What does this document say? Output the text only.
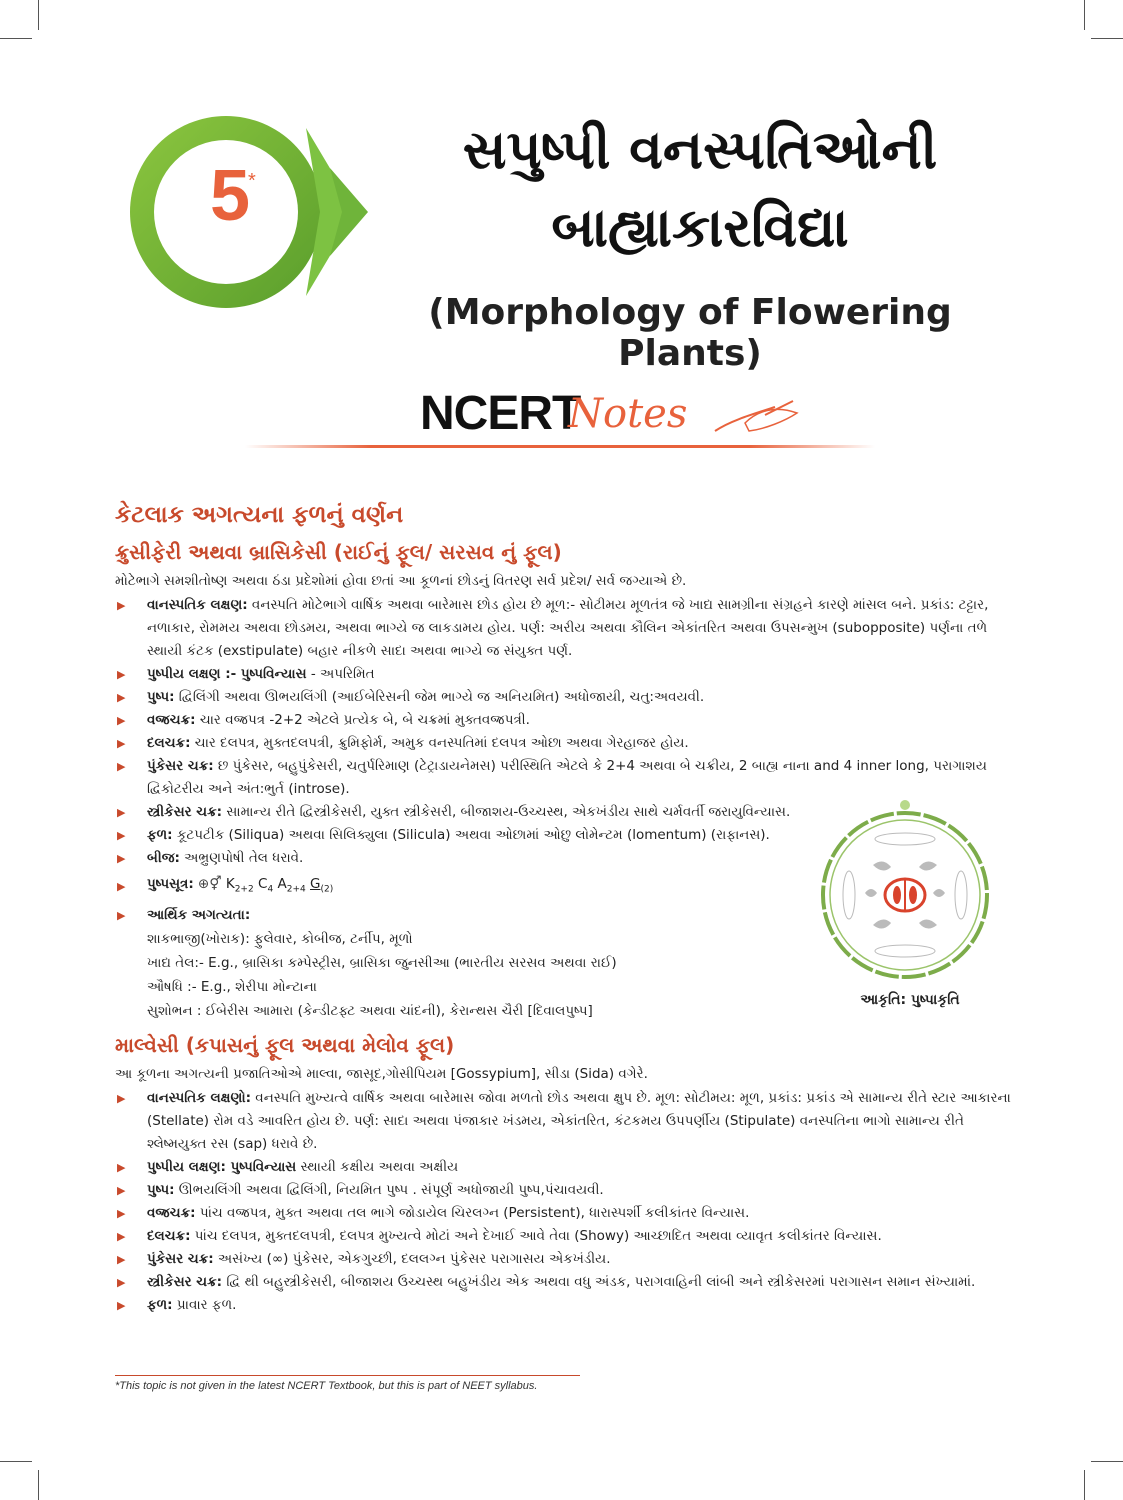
5
*	સપુષ્પી વનસ્પતિઓની
બાહ્યાકારવિદ્યા
(Morphology of Flowering Plants)
NCERT
Notes
કેટલાક અગત્યના ફળનું વર્ણન
ક્રુસીફેરી અથવા બ્રાસિકેસી (રાઈનું ફૂલ/ સરસવ નું ફૂલ)

મોટેભાગે સમશીતોષ્ણ અથવા ઠંડા પ્રદેશોમાં હોવા છતાં આ કૂળનાં છોડનું વિતરણ સર્વ પ્રદેશ/ સર્વ જગ્યાએ છે.

▶ વાનસ્પતિક લક્ષણ: વનસ્પતિ મોટેભાગે વાર્ષિક અથવા બારેમાસ છોડ હોય છે મૂળ:- સોટીમય મૂળતંત્ર જે ખાદ્ય સામગ્રીના સંગ્રહને કારણે માંસલ બને. પ્રકાંડ: ટટ્ટાર, નળાકાર, રોમમય અથવા છોડમય, અથવા ભાગ્યે જ લાકડામય હોય. પર્ણ: અરીય અથવા કૌલિન એકાંતરિત અથવા ઉપસન્મુખ (subopposite) પર્ણના તળે સ્થાયી કંટક (exstipulate) બહાર નીકળે સાદા અથવા ભાગ્યે જ સંયુક્ત પર્ણ.
▶ પુષ્પીય લક્ષણ :- પુષ્પવિન્યાસ - અપરિમિત
▶ પુષ્પ: દ્વિલિંગી અથવા ઊભયલિંગી (આઈબેરિસની જેમ ભાગ્યે જ અનિયમિત) અધોજાયી, ચતુ:અવયવી.
▶ વજ્રચક્ર: ચાર વજ્રપત્ર -2+2 એટલે પ્રત્યેક બે, બે ચક્રમાં મુક્તવજ્રપત્રી.
▶ દલચક્ર: ચાર દલપત્ર, મુક્તદલપત્રી, ક્રુમિફોર્મ, અમુક વનસ્પતિમાં દલપત્ર ઓછા અથવા ગેરહાજર હોય.
▶ પુંકેસર ચક્ર: છ પુંકેસર, બહુપુંકેસરી, ચતુર્પરિમાણ (ટેટ્રાડાયનેમસ) પરીસ્થિતિ એટલે કે 2+4 અથવા બે ચક્રીય, 2 બાહ્ય નાના and 4 inner long, પરાગાશય દ્વિકોટરીય અને અંત:ભુર્ત (introse).
▶ સ્ત્રીકેસર ચક્ર: સામાન્ય રીતે દ્વિસ્ત્રીકેસરી, યુક્ત સ્ત્રીકેસરી, બીજાશય-ઉચ્ચસ્થ, એકખંડીય સાથે ચર્મવર્તી જરાયુવિન્યાસ.
▶ ફળ: કૂટપટીક (Siliqua) અથવા સિલિક્યુલા (Silicula) અથવા ઓછામાં ઓછુ લોમેન્ટમ (lomentum) (રાફાનસ).
▶ બીજ: અભ્રુણપોષી તેલ ધરાવે.
▶ પુષ્પસૂત્ર: ⊕⚥ $K_{2+2}$ $C_4$ $A_{2+4}$ $G_{(2)}$
▶ આર્થિક અગત્યતા:
શાકભાજી(ખોરાક): ફુલેવાર, કોબીજ, ટર્નીપ, મૂળો
ખાદ્ય તેલ:- E.g., બ્રાસિકા કમ્પેસ્ટ્રીસ, બ્રાસિકા જુનસીઆ (ભારતીય સરસવ અથવા રાઈ)
ઔષધિ :- E.g., શેરીપા મોન્ટાના
સુશોભન : ઈબેરીસ આમારા (કેન્ડીટફ્ટ અથવા ચાંદની), કેરાન્થસ ચૈરી [દિવાલપુષ્પ]
માલ્વેસી (કપાસનું ફૂલ અથવા મેલોવ ફૂલ)

આ કૂળના અગત્યની પ્રજાતિઓએ માલ્વા, જાસૂદ,ગોસીપિયમ [Gossypium], સીડા (Sida) વગેરે.

▶ વાનસ્પતિક લક્ષણો: વનસ્પતિ મુખ્યત્વે વાર્ષિક અથવા બારેમાસ જોવા મળતો છોડ અથવા ક્ષુપ છે. મૂળ: સોટીમય: મૂળ, પ્રકાંડ: પ્રકાંડ એ સામાન્ય રીતે સ્ટાર આકારના (Stellate) રોમ વડે આવરિત હોય છે. પર્ણ: સાદા અથવા પંજાકાર ખંડમય, એકાંતરિત, કંટકમય ઉપપર્ણીય (Stipulate) વનસ્પતિના ભાગો સામાન્ય રીતે શ્લેષ્મયુક્ત રસ (sap) ધરાવે છે.
▶ પુષ્પીય લક્ષણ: પુષ્પવિન્યાસ સ્થાયી કક્ષીય અથવા અક્ષીય
▶ પુષ્પ: ઊભયલિંગી અથવા દ્વિલિંગી, નિયમિત પુષ્પ . સંપૂર્ણ અધોજાયી પુષ્પ,પંચાવયવી.
▶ વજ્રચક્ર: પાંચ વજ્રપત્ર, મુક્ત અથવા તલ ભાગે જોડાયેલ ચિરલગ્ન (Persistent), ધારાસ્પર્શી કલીકાંતર વિન્યાસ.
▶ દલચક્ર: પાંચ દલપત્ર, મુક્તદલપત્રી, દલપત્ર મુખ્યત્વે મોટાં અને દેખાઈ આવે તેવા (Showy) આચ્છાદિત અથવા વ્યાવૃત કલીકાંતર વિન્યાસ.
▶ પુંકેસર ચક્ર: અસંખ્ય (∞) પુંકેસર, એકગુચ્છી, દલલગ્ન પુંકેસર પરાગાસય એકખંડીય.
▶ સ્ત્રીકેસર ચક્ર: દ્વિ થી બહુસ્ત્રીકેસરી, બીજાશય ઉચ્ચસ્થ બહુખંડીય એક અથવા વધુ અંડક, પરાગવાહિની લાંબી અને સ્ત્રીકેસરમાં પરાગાસન સમાન સંખ્યામાં.
▶ ફળ: પ્રાવાર ફળ.
આકૃતિ: પુષ્પાકૃતિ
*This topic is not given in the latest NCERT Textbook, but this is part of NEET syllabus.
